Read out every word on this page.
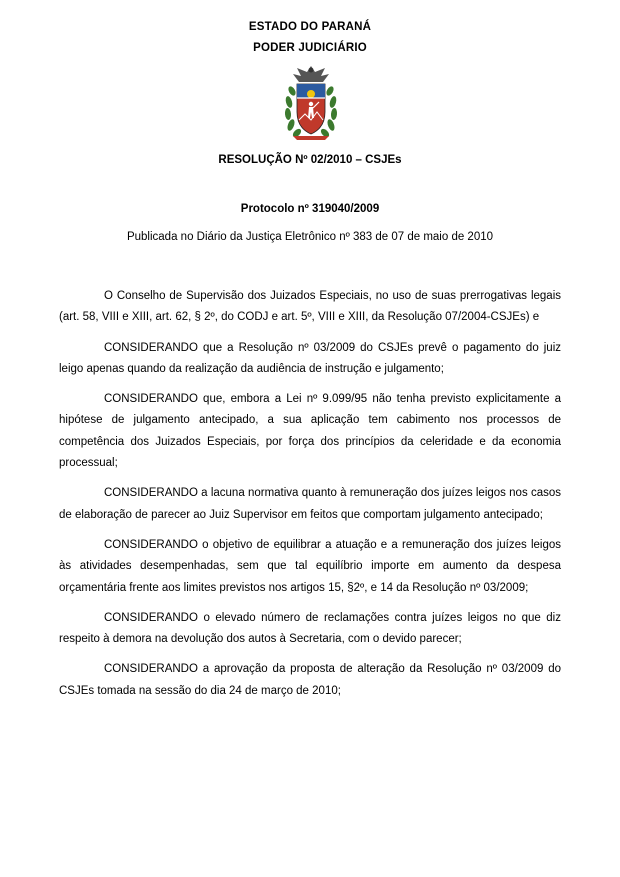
ESTADO DO PARANÁ
PODER JUDICIÁRIO
RESOLUÇÃO Nº 02/2010 – CSJEs
Protocolo nº 319040/2009
Publicada no Diário da Justiça Eletrônico nº 383 de 07 de maio de 2010

O Conselho de Supervisão dos Juizados Especiais, no uso de suas prerrogativas legais (art. 58, VIII e XIII, art. 62, § 2º, do CODJ e art. 5º, VIII e XIII, da Resolução 07/2004-CSJEs) e

CONSIDERANDO que a Resolução nº 03/2009 do CSJEs prevê o pagamento do juiz leigo apenas quando da realização da audiência de instrução e julgamento;

CONSIDERANDO que, embora a Lei nº 9.099/95 não tenha previsto explicitamente a hipótese de julgamento antecipado, a sua aplicação tem cabimento nos processos de competência dos Juizados Especiais, por força dos princípios da celeridade e da economia processual;

CONSIDERANDO a lacuna normativa quanto à remuneração dos juízes leigos nos casos de elaboração de parecer ao Juiz Supervisor em feitos que comportam julgamento antecipado;

CONSIDERANDO o objetivo de equilibrar a atuação e a remuneração dos juízes leigos às atividades desempenhadas, sem que tal equilíbrio importe em aumento da despesa orçamentária frente aos limites previstos nos artigos 15, §2º, e 14 da Resolução nº 03/2009;

CONSIDERANDO o elevado número de reclamações contra juízes leigos no que diz respeito à demora na devolução dos autos à Secretaria, com o devido parecer;

CONSIDERANDO a aprovação da proposta de alteração da Resolução nº 03/2009 do CSJEs tomada na sessão do dia 24 de março de 2010;
